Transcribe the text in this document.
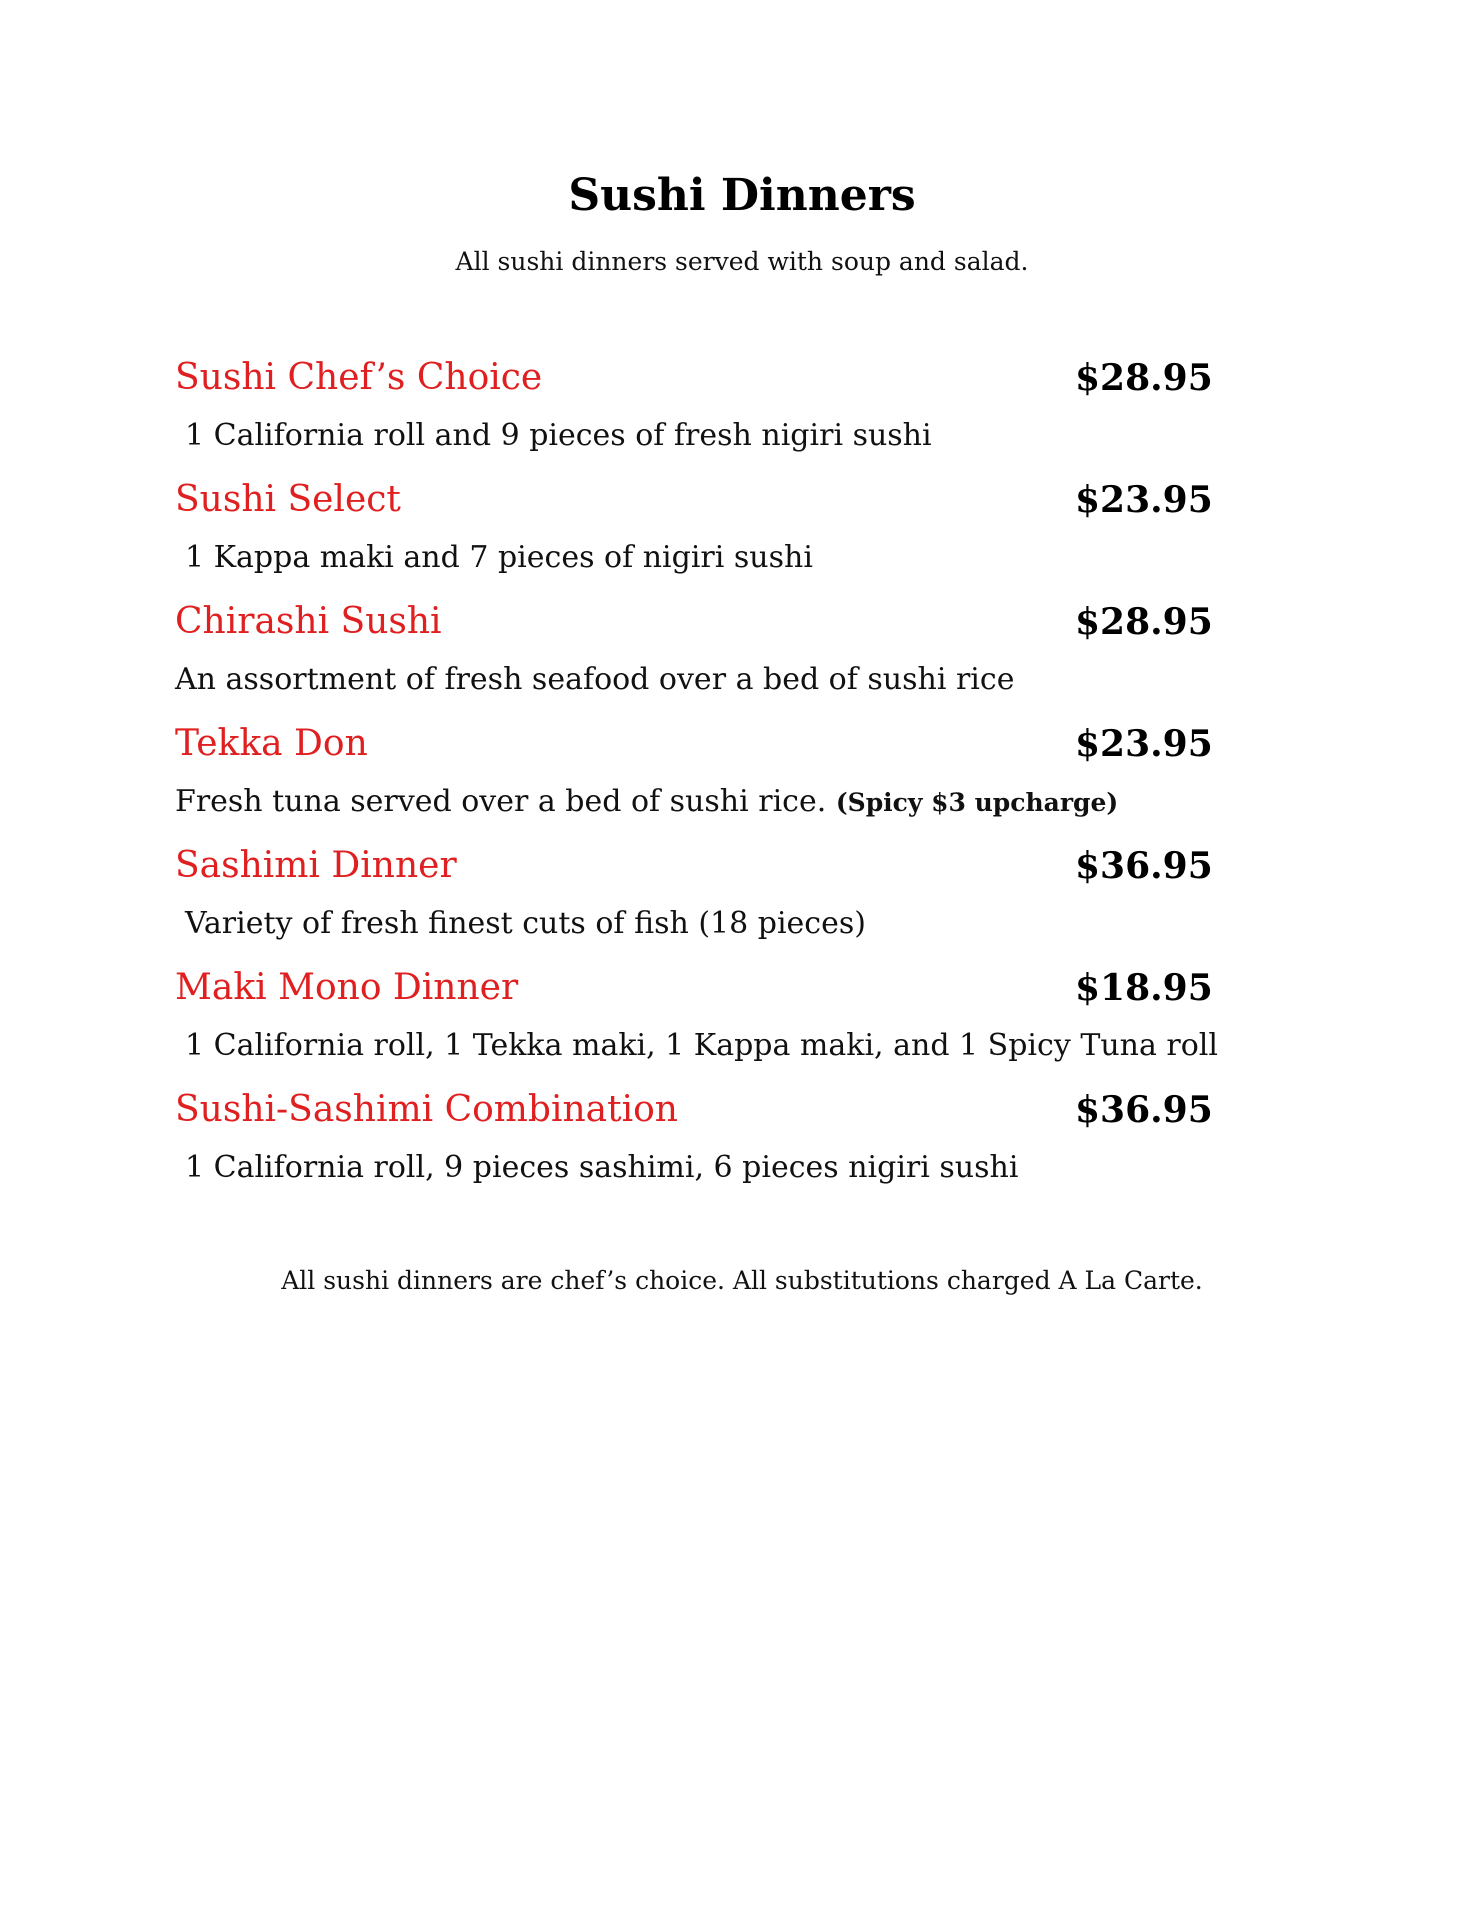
Sushi Dinners

All sushi dinners served with soup and salad.

Sushi Chef’s Choice	$28.95
1 California roll and 9 pieces of fresh nigiri sushi
Sushi Select	$23.95
1 Kappa maki and 7 pieces of nigiri sushi
Chirashi Sushi	$28.95
An assortment of fresh seafood over a bed of sushi rice
Tekka Don	$23.95
Fresh tuna served over a bed of sushi rice. (Spicy $3 upcharge)
Sashimi Dinner	$36.95
Variety of fresh finest cuts of fish (18 pieces)
Maki Mono Dinner	$18.95
1 California roll, 1 Tekka maki, 1 Kappa maki, and 1 Spicy Tuna roll
Sushi-Sashimi Combination	$36.95
1 California roll, 9 pieces sashimi, 6 pieces nigiri sushi

All sushi dinners are chef’s choice. All substitutions charged A La Carte.
